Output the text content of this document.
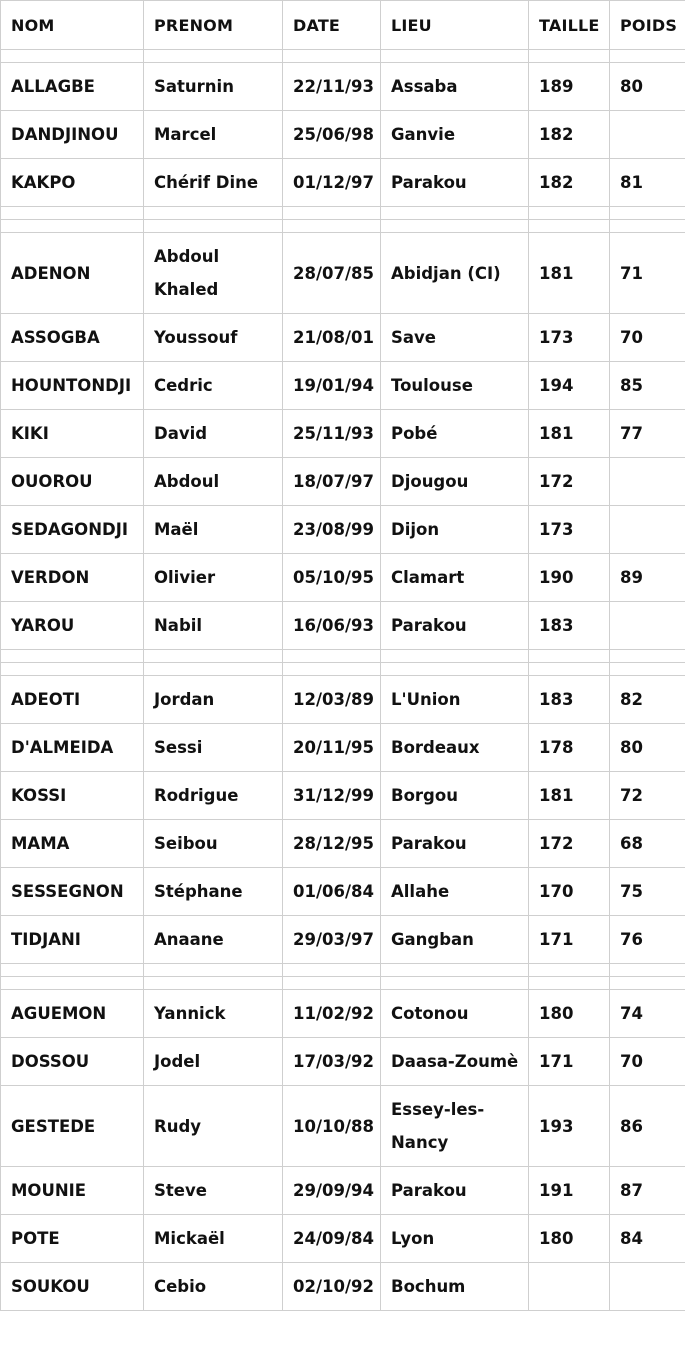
NOM	PRENOM	DATE	LIEU	TAILLE	POIDS

ALLAGBE	Saturnin	22/11/93	Assaba	189	80
DANDJINOU	Marcel	25/06/98	Ganvie	182	
KAKPO	Chérif Dine	01/12/97	Parakou	182	81

ADENON	Abdoul Khaled	28/07/85	Abidjan (CI)	181	71
ASSOGBA	Youssouf	21/08/01	Save	173	70
HOUNTONDJI	Cedric	19/01/94	Toulouse	194	85
KIKI	David	25/11/93	Pobé	181	77
OUOROU	Abdoul	18/07/97	Djougou	172	
SEDAGONDJI	Maël	23/08/99	Dijon	173	
VERDON	Olivier	05/10/95	Clamart	190	89
YAROU	Nabil	16/06/93	Parakou	183	

ADEOTI	Jordan	12/03/89	L'Union	183	82
D'ALMEIDA	Sessi	20/11/95	Bordeaux	178	80
KOSSI	Rodrigue	31/12/99	Borgou	181	72
MAMA	Seibou	28/12/95	Parakou	172	68
SESSEGNON	Stéphane	01/06/84	Allahe	170	75
TIDJANI	Anaane	29/03/97	Gangban	171	76

AGUEMON	Yannick	11/02/92	Cotonou	180	74
DOSSOU	Jodel	17/03/92	Daasa-Zoumè	171	70
GESTEDE	Rudy	10/10/88	Essey-les-Nancy	193	86
MOUNIE	Steve	29/09/94	Parakou	191	87
POTE	Mickaël	24/09/84	Lyon	180	84
SOUKOU	Cebio	02/10/92	Bochum		
